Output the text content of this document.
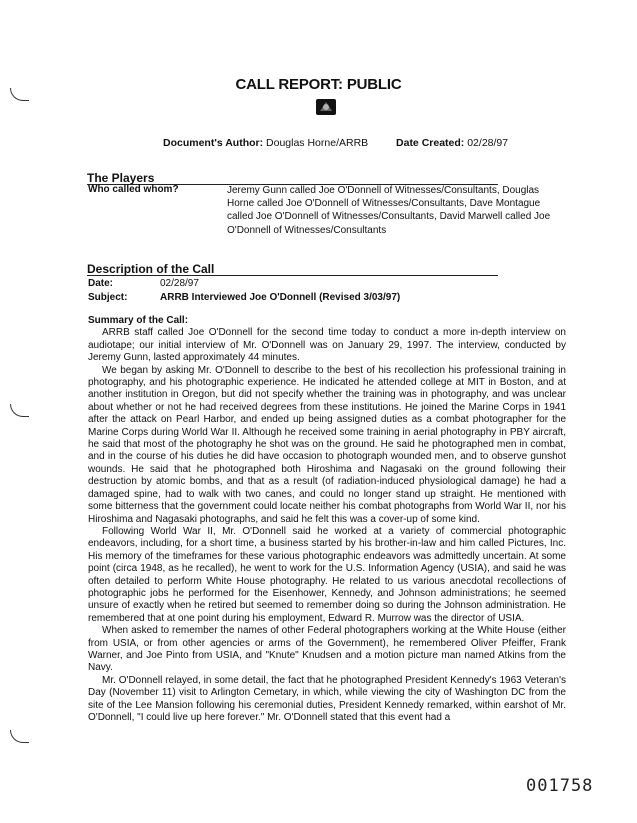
CALL REPORT: PUBLIC
Document's Author: Douglas Horne/ARRB	Date Created: 02/28/97
The Players
Who called whom?	Jeremy Gunn called Joe O'Donnell of Witnesses/Consultants, Douglas Horne called Joe O'Donnell of Witnesses/Consultants, Dave Montague called Joe O'Donnell of Witnesses/Consultants, David Marwell called Joe O'Donnell of Witnesses/Consultants
Description of the Call
Date:	02/28/97
Subject:	ARRB Interviewed Joe O'Donnell (Revised 3/03/97)

Summary of the Call:

ARRB staff called Joe O'Donnell for the second time today to conduct a more in-depth interview on audiotape; our initial interview of Mr. O'Donnell was on January 29, 1997. The interview, conducted by Jeremy Gunn, lasted approximately 44 minutes.

We began by asking Mr. O'Donnell to describe to the best of his recollection his professional training in photography, and his photographic experience. He indicated he attended college at MIT in Boston, and at another institution in Oregon, but did not specify whether the training was in photography, and was unclear about whether or not he had received degrees from these institutions. He joined the Marine Corps in 1941 after the attack on Pearl Harbor, and ended up being assigned duties as a combat photographer for the Marine Corps during World War II. Although he received some training in aerial photography in PBY aircraft, he said that most of the photography he shot was on the ground. He said he photographed men in combat, and in the course of his duties he did have occasion to photograph wounded men, and to observe gunshot wounds. He said that he photographed both Hiroshima and Nagasaki on the ground following their destruction by atomic bombs, and that as a result (of radiation-induced physiological damage) he had a damaged spine, had to walk with two canes, and could no longer stand up straight. He mentioned with some bitterness that the government could locate neither his combat photographs from World War II, nor his Hiroshima and Nagasaki photographs, and said he felt this was a cover-up of some kind.

Following World War II, Mr. O'Donnell said he worked at a variety of commercial photographic endeavors, including, for a short time, a business started by his brother-in-law and him called Pictures, Inc. His memory of the timeframes for these various photographic endeavors was admittedly uncertain. At some point (circa 1948, as he recalled), he went to work for the U.S. Information Agency (USIA), and said he was often detailed to perform White House photography. He related to us various anecdotal recollections of photographic jobs he performed for the Eisenhower, Kennedy, and Johnson administrations; he seemed unsure of exactly when he retired but seemed to remember doing so during the Johnson administration. He remembered that at one point during his employment, Edward R. Murrow was the director of USIA.

When asked to remember the names of other Federal photographers working at the White House (either from USIA, or from other agencies or arms of the Government), he remembered Oliver Pfeiffer, Frank Warner, and Joe Pinto from USIA, and "Knute" Knudsen and a motion picture man named Atkins from the Navy.

Mr. O'Donnell relayed, in some detail, the fact that he photographed President Kennedy's 1963 Veteran's Day (November 11) visit to Arlington Cemetary, in which, while viewing the city of Washington DC from the site of the Lee Mansion following his ceremonial duties, President Kennedy remarked, within earshot of Mr. O'Donnell, "I could live up here forever." Mr. O'Donnell stated that this event had a

001758
